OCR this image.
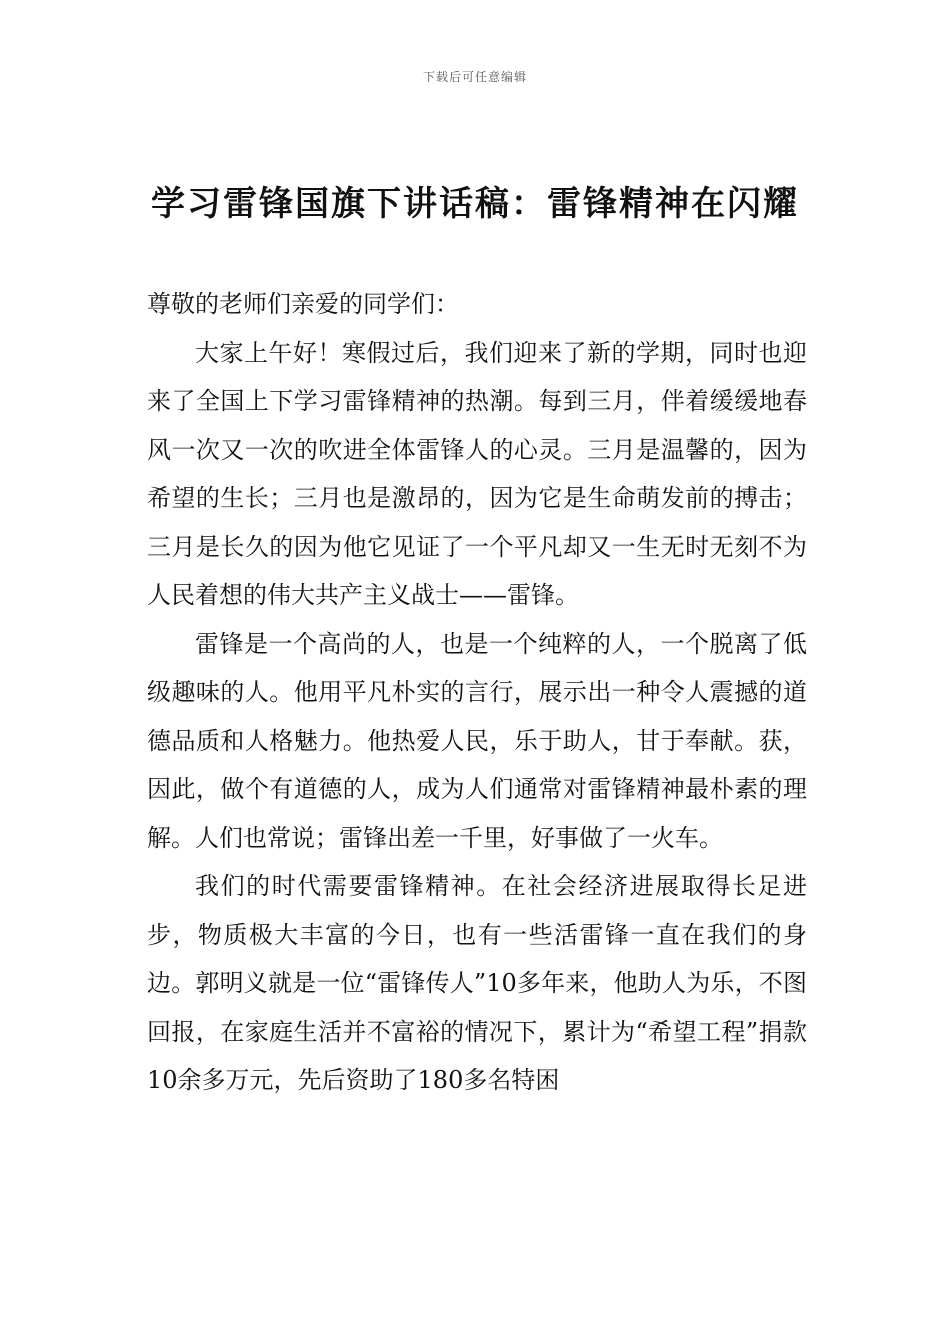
下载后可任意编辑
学习雷锋国旗下讲话稿：雷锋精神在闪耀

尊敬的老师们亲爱的同学们：

大家上午好！寒假过后，我们迎来了新的学期，同时也迎来了全国上下学习雷锋精神的热潮。每到三月，伴着缓缓地春风一次又一次的吹进全体雷锋人的心灵。三月是温馨的，因为希望的生长；三月也是激昂的，因为它是生命萌发前的搏击；三月是长久的因为他它见证了一个平凡却又一生无时无刻不为人民着想的伟大共产主义战士——雷锋。

雷锋是一个高尚的人，也是一个纯粹的人，一个脱离了低级趣味的人。他用平凡朴实的言行，展示出一种令人震撼的道德品质和人格魅力。他热爱人民，乐于助人，甘于奉献。获，因此，做个有道德的人，成为人们通常对雷锋精神最朴素的理解。人们也常说；雷锋出差一千里，好事做了一火车。

我们的时代需要雷锋精神。在社会经济进展取得长足进步，物质极大丰富的今日，也有一些活雷锋一直在我们的身边。郭明义就是一位“雷锋传人”10多年来，他助人为乐，不图回报，在家庭生活并不富裕的情况下，累计为“希望工程”捐款10余多万元，先后资助了180多名特困
